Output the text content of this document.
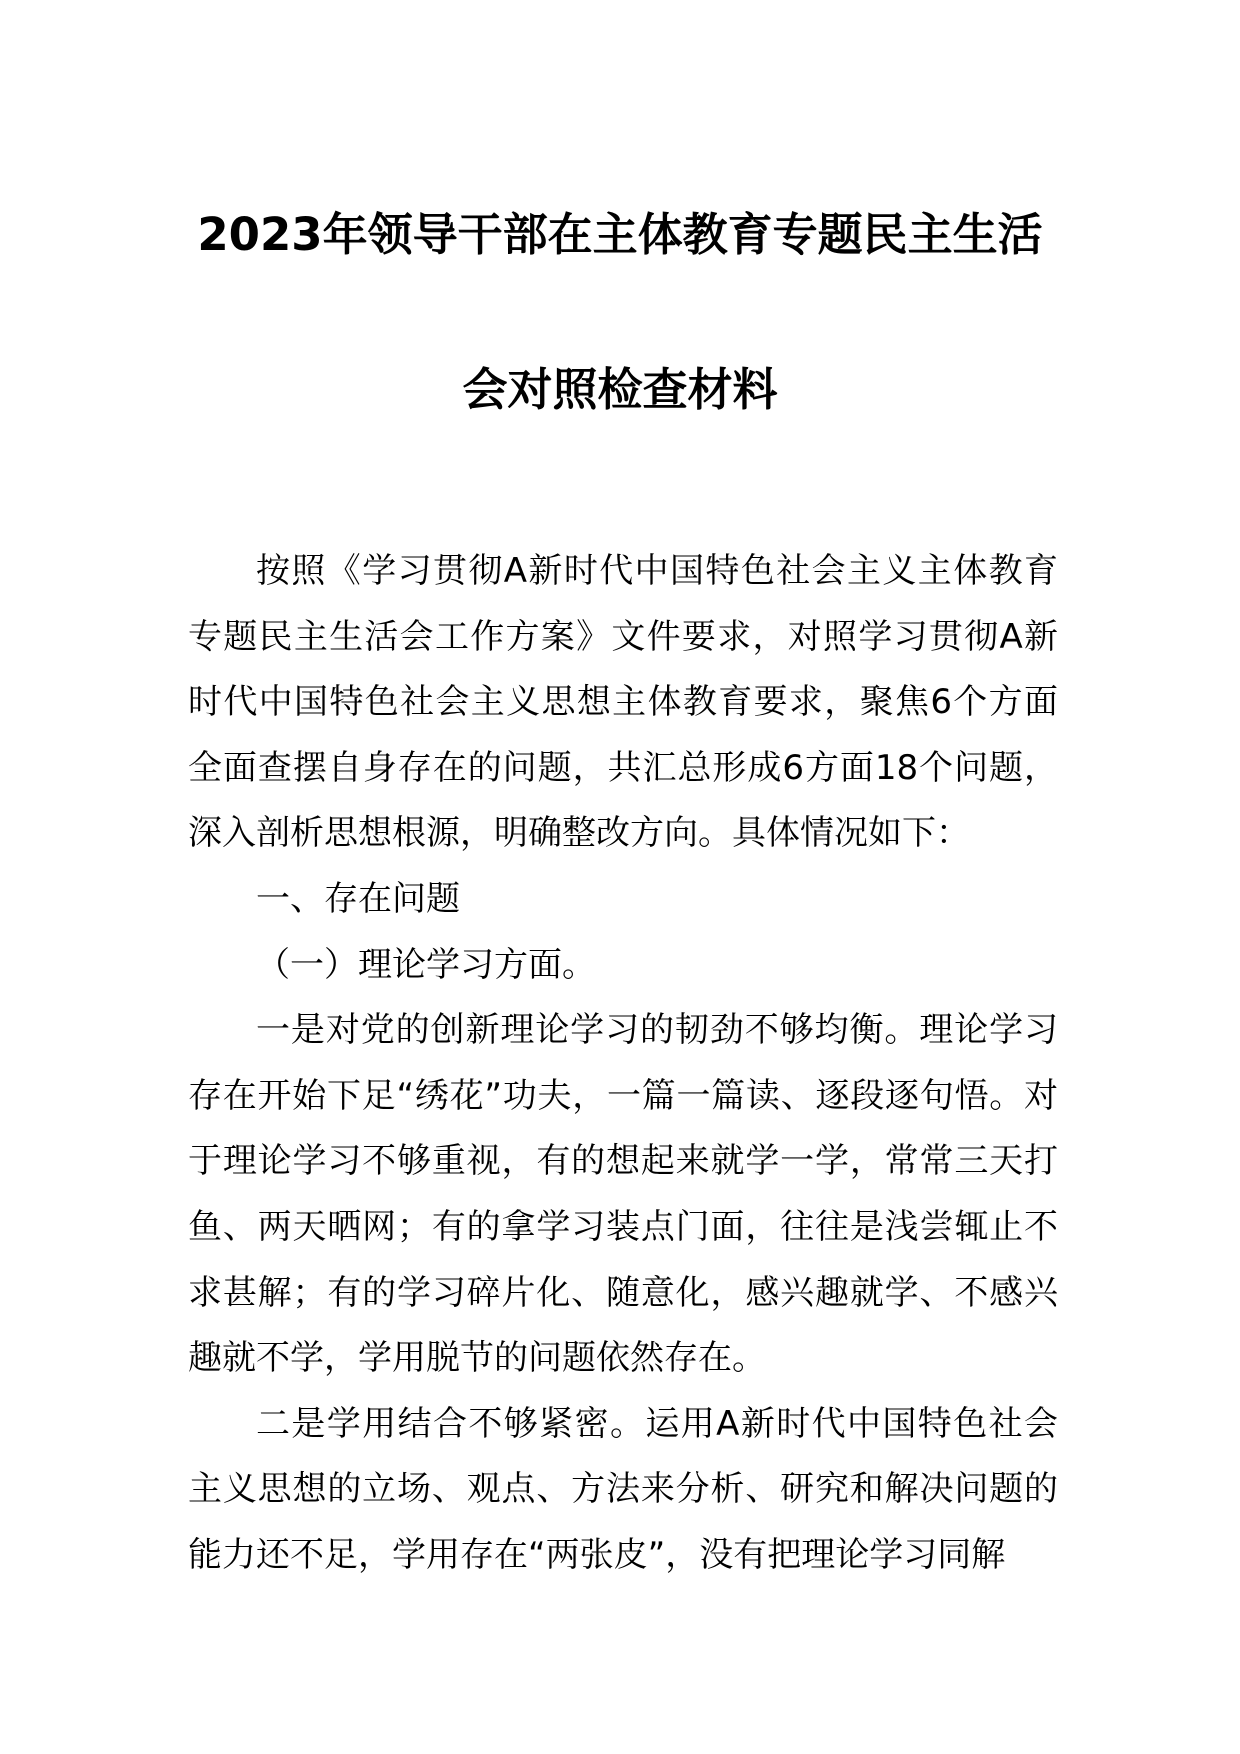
2023年领导干部在主体教育专题民主生活
会对照检查材料

按照《学习贯彻A新时代中国特色社会主义主体教育专题民主生活会工作方案》文件要求，对照学习贯彻A新时代中国特色社会主义思想主体教育要求，聚焦6个方面全面查摆自身存在的问题，共汇总形成6方面18个问题，深入剖析思想根源，明确整改方向。具体情况如下：

一、存在问题

（一）理论学习方面。

一是对党的创新理论学习的韧劲不够均衡。理论学习存在开始下足“绣花”功夫，一篇一篇读、逐段逐句悟。对于理论学习不够重视，有的想起来就学一学，常常三天打鱼、两天晒网；有的拿学习装点门面，往往是浅尝辄止不求甚解；有的学习碎片化、随意化，感兴趣就学、不感兴趣就不学，学用脱节的问题依然存在。

二是学用结合不够紧密。运用A新时代中国特色社会主义思想的立场、观点、方法来分析、研究和解决问题的能力还不足，学用存在“两张皮”，没有把理论学习同解
